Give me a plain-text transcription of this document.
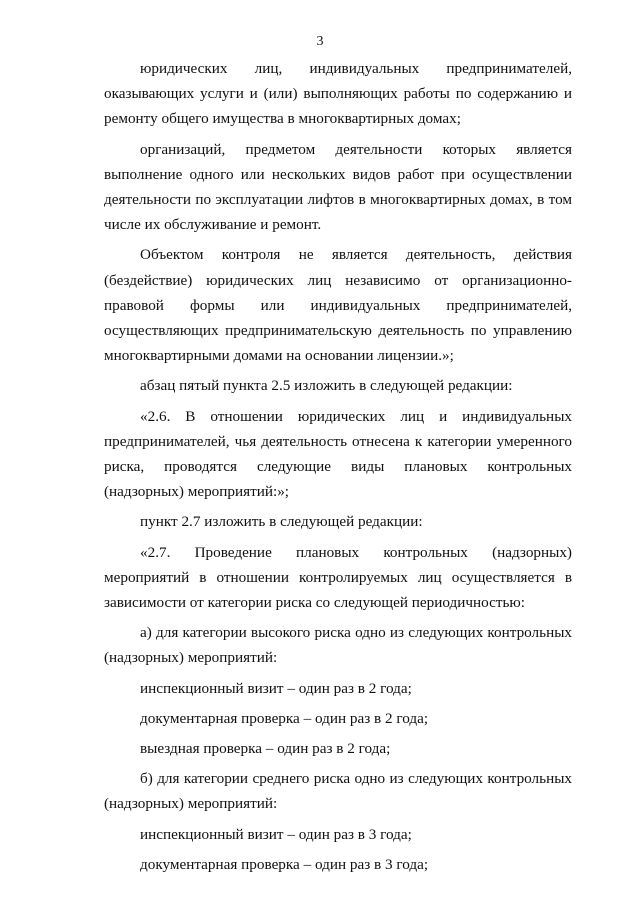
3

юридических лиц, индивидуальных предпринимателей, оказывающих услуги и (или) выполняющих работы по содержанию и ремонту общего имущества в многоквартирных домах;

организаций, предметом деятельности которых является выполнение одного или нескольких видов работ при осуществлении деятельности по эксплуатации лифтов в многоквартирных домах, в том числе их обслуживание и ремонт.

Объектом контроля не является деятельность, действия (бездействие) юридических лиц независимо от организационно-правовой формы или индивидуальных предпринимателей, осуществляющих предпринимательскую деятельность по управлению многоквартирными домами на основании лицензии.»;

абзац пятый пункта 2.5 изложить в следующей редакции:

«2.6. В отношении юридических лиц и индивидуальных предпринимателей, чья деятельность отнесена к категории умеренного риска, проводятся следующие виды плановых контрольных (надзорных) мероприятий:»;

пункт 2.7 изложить в следующей редакции:

«2.7. Проведение плановых контрольных (надзорных) мероприятий в отношении контролируемых лиц осуществляется в зависимости от категории риска со следующей периодичностью:

а) для категории высокого риска одно из следующих контрольных (надзорных) мероприятий:

инспекционный визит – один раз в 2 года;

документарная проверка – один раз в 2 года;

выездная проверка – один раз в 2 года;

б) для категории среднего риска одно из следующих контрольных (надзорных) мероприятий:

инспекционный визит – один раз в 3 года;

документарная проверка – один раз в 3 года;
